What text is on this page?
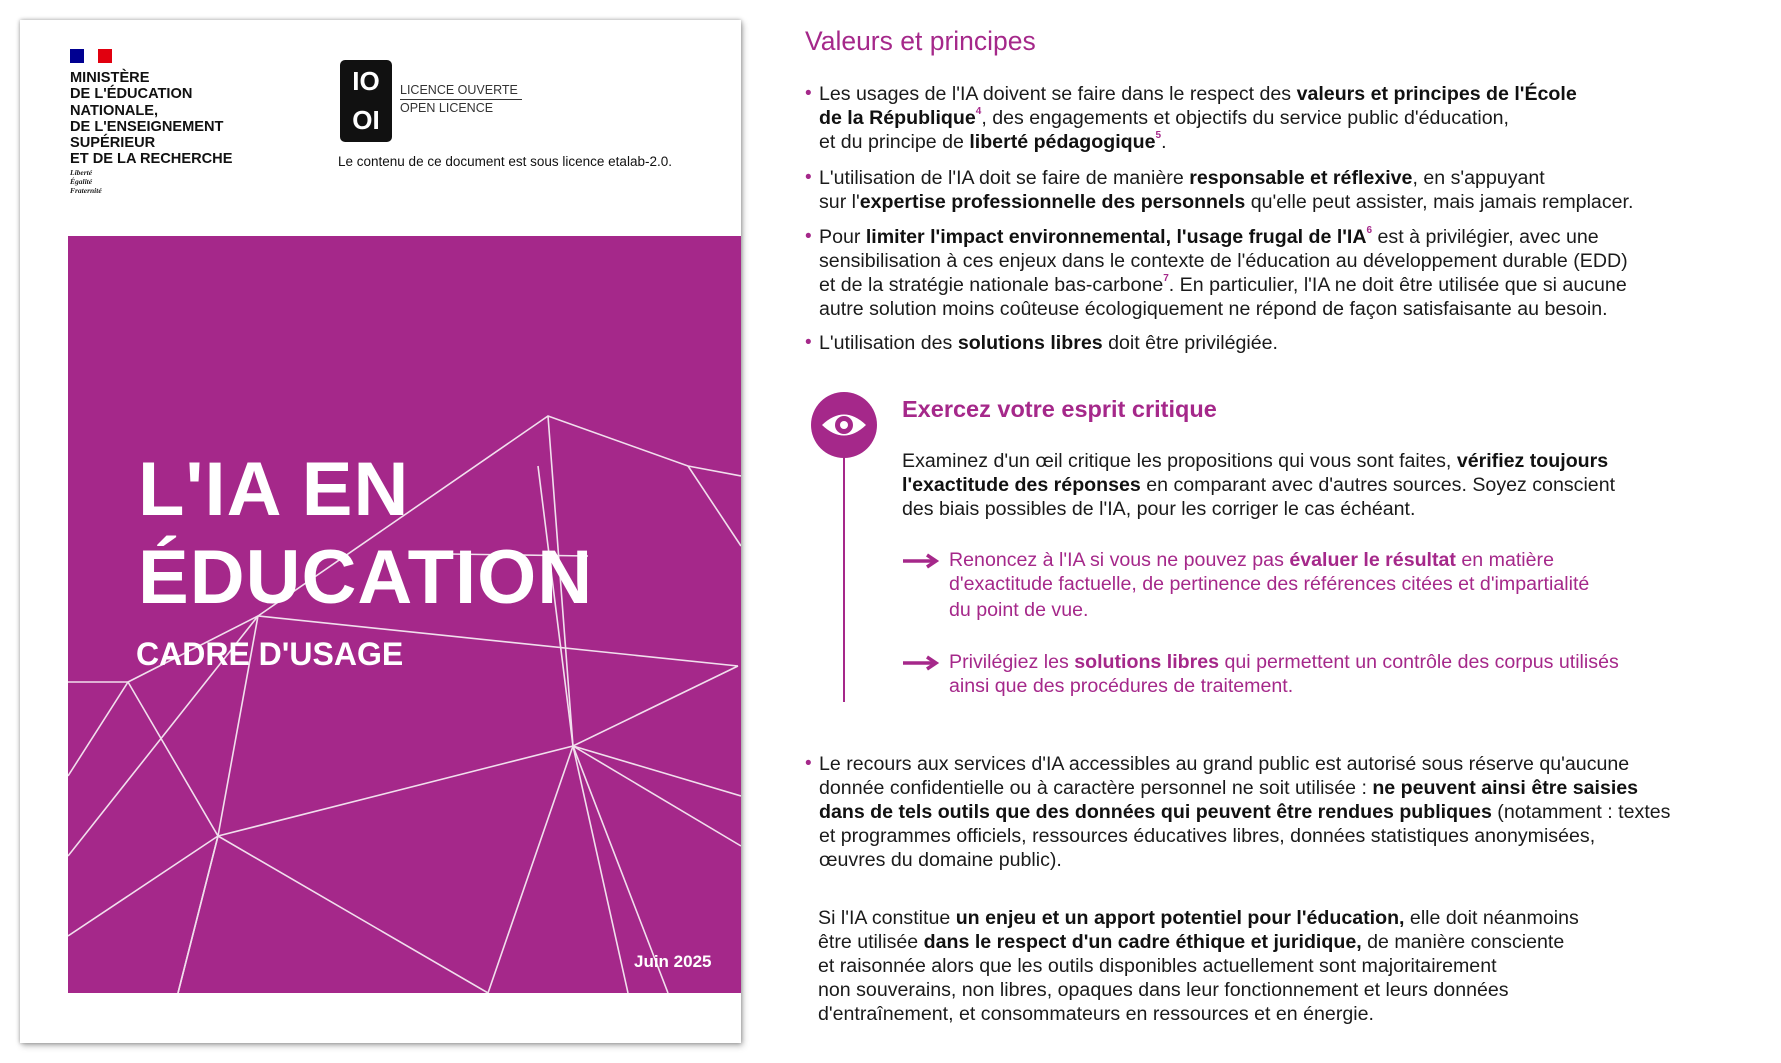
MINISTÈRE
DE L'ÉDUCATION
NATIONALE,
DE L'ENSEIGNEMENT
SUPÉRIEUR
ET DE LA RECHERCHE
Liberté
Égalité
Fraternité
IO
OI
LICENCE OUVERTE
OPEN LICENCE
Le contenu de ce document est sous licence etalab-2.0.
L'IA EN
ÉDUCATION
CADRE D'USAGE
Juin 2025
Valeurs et principes
• Les usages de l'IA doivent se faire dans le respect des valeurs et principes de l'École
de la République$^4$, des engagements et objectifs du service public d'éducation,
et du principe de liberté pédagogique$^5$.
• L'utilisation de l'IA doit se faire de manière responsable et réflexive, en s'appuyant
sur l'expertise professionnelle des personnels qu'elle peut assister, mais jamais remplacer.
• Pour limiter l'impact environnemental, l'usage frugal de l'IA$^6$ est à privilégier, avec une
sensibilisation à ces enjeux dans le contexte de l'éducation au développement durable (EDD)
et de la stratégie nationale bas-carbone$^7$. En particulier, l'IA ne doit être utilisée que si aucune
autre solution moins coûteuse écologiquement ne répond de façon satisfaisante au besoin.
• L'utilisation des solutions libres doit être privilégiée.
Exercez votre esprit critique
Examinez d'un œil critique les propositions qui vous sont faites, vérifiez toujours
l'exactitude des réponses en comparant avec d'autres sources. Soyez conscient
des biais possibles de l'IA, pour les corriger le cas échéant.
Renoncez à l'IA si vous ne pouvez pas évaluer le résultat en matière
d'exactitude factuelle, de pertinence des références citées et d'impartialité
du point de vue.
Privilégiez les solutions libres qui permettent un contrôle des corpus utilisés
ainsi que des procédures de traitement.
• Le recours aux services d'IA accessibles au grand public est autorisé sous réserve qu'aucune
donnée confidentielle ou à caractère personnel ne soit utilisée : ne peuvent ainsi être saisies
dans de tels outils que des données qui peuvent être rendues publiques (notamment : textes
et programmes officiels, ressources éducatives libres, données statistiques anonymisées,
œuvres du domaine public).
Si l'IA constitue un enjeu et un apport potentiel pour l'éducation, elle doit néanmoins
être utilisée dans le respect d'un cadre éthique et juridique, de manière consciente
et raisonnée alors que les outils disponibles actuellement sont majoritairement
non souverains, non libres, opaques dans leur fonctionnement et leurs données
d'entraînement, et consommateurs en ressources et en énergie.
